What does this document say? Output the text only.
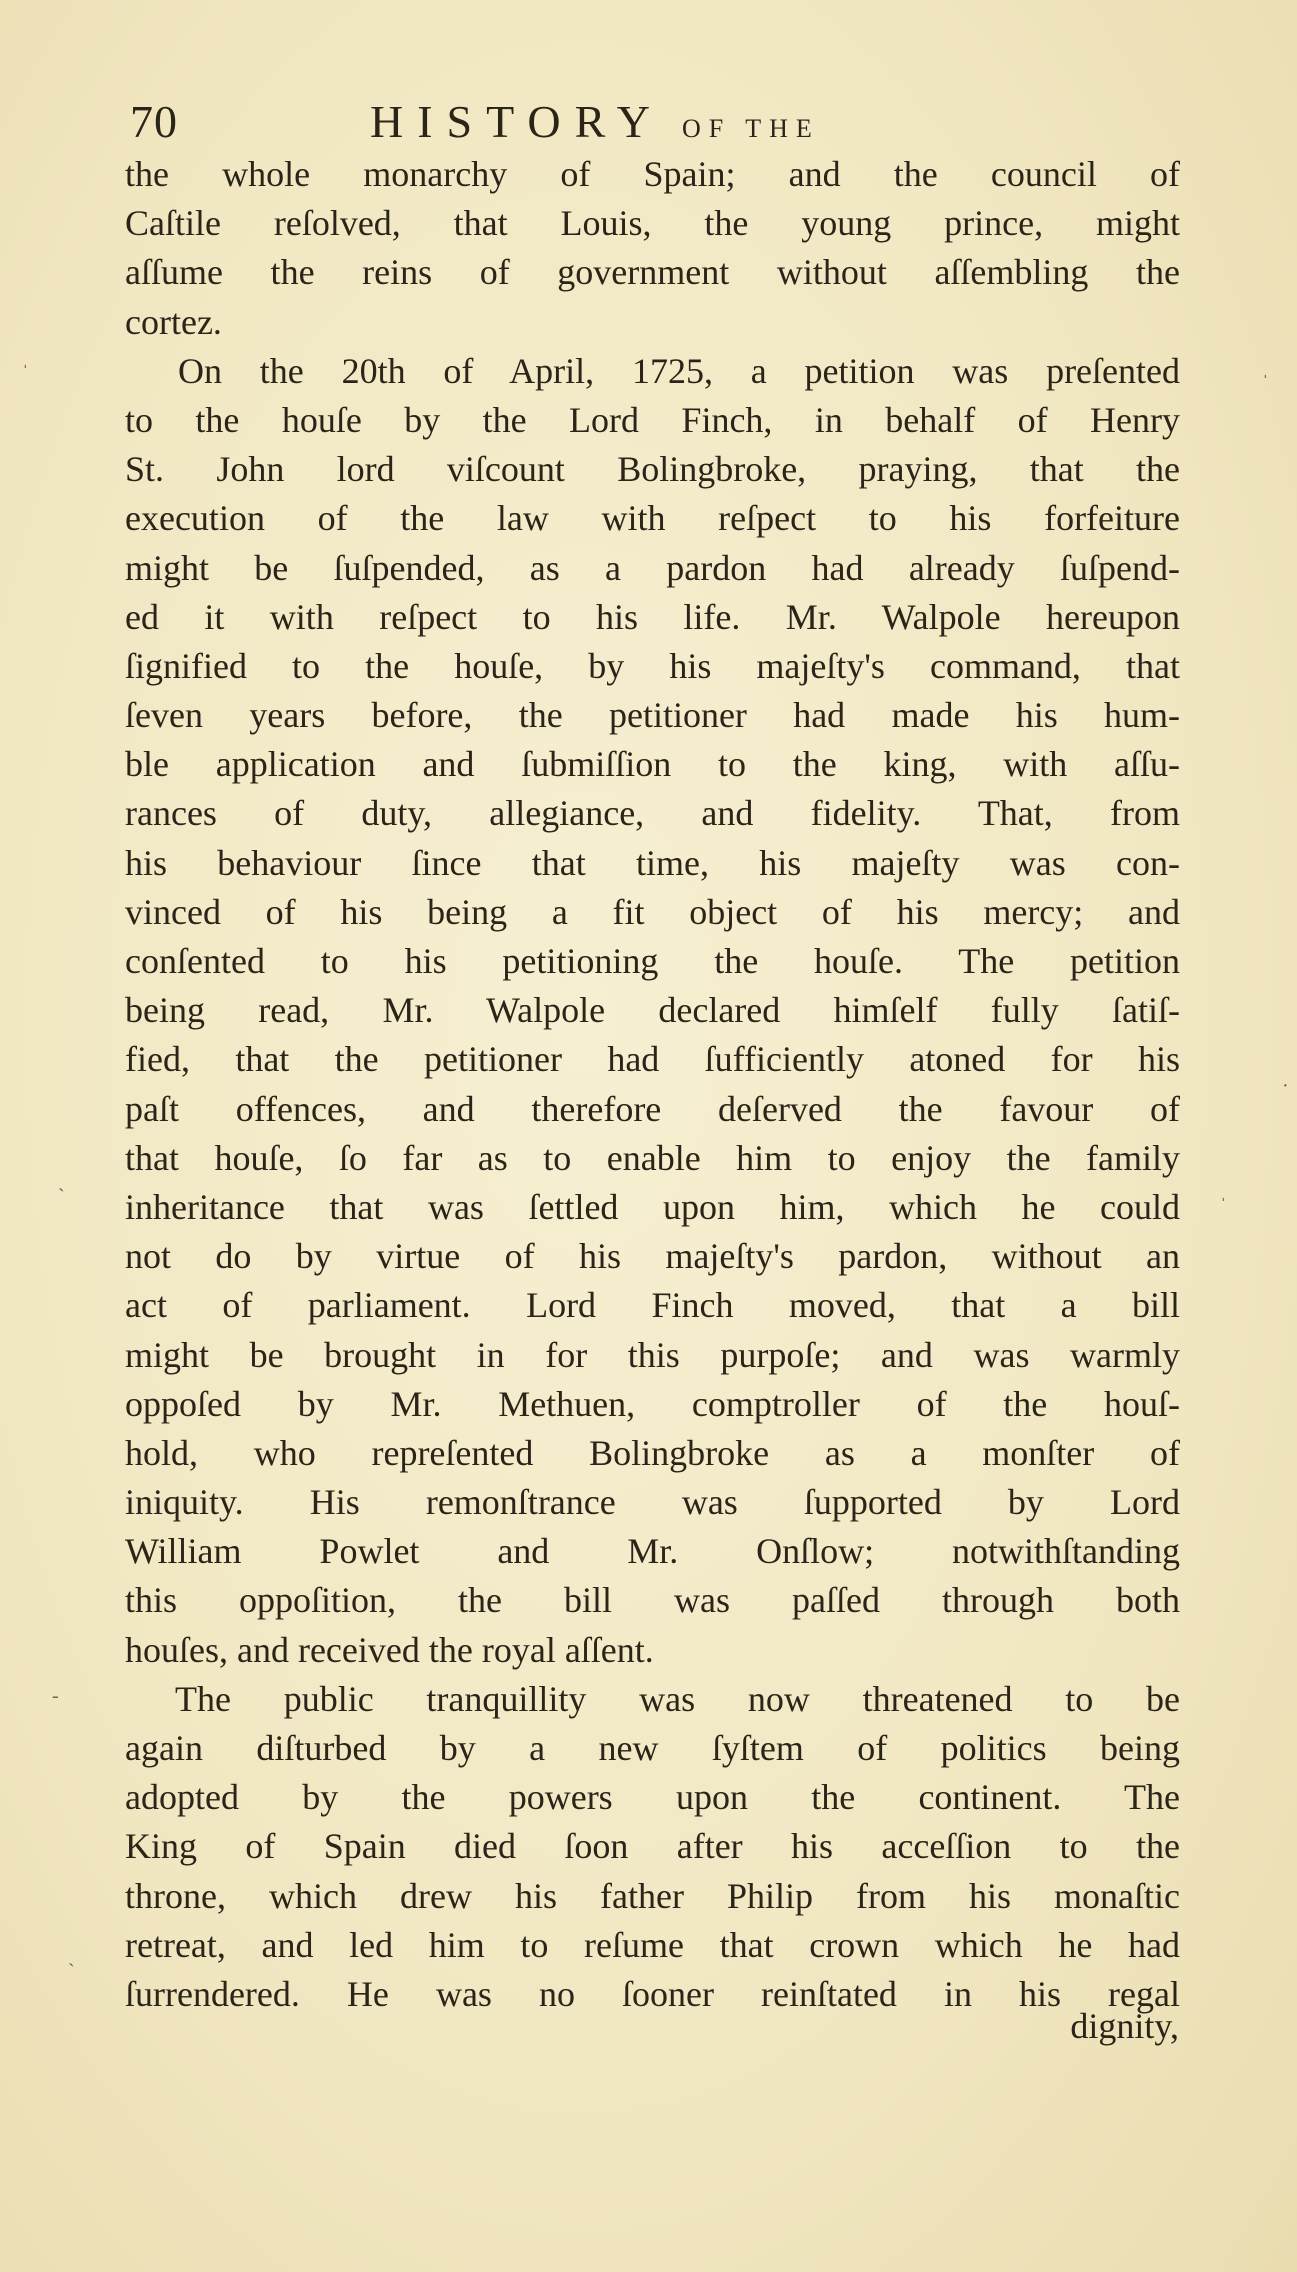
70	HISTORY OF THE
the whole monarchy of Spain; and the council of
Caſtile reſolved, that Louis, the young prince, might
aſſume the reins of government without aſſembling the
cortez.
On the 20th of April, 1725, a petition was preſented
to the houſe by the Lord Finch, in behalf of Henry
St. John lord viſcount Bolingbroke, praying, that the
execution of the law with reſpect to his forfeiture
might be ſuſpended, as a pardon had already ſuſpend-
ed it with reſpect to his life. Mr. Walpole hereupon
ſignified to the houſe, by his majeſty's command, that
ſeven years before, the petitioner had made his hum-
ble application and ſubmiſſion to the king, with aſſu-
rances of duty, allegiance, and fidelity. That, from
his behaviour ſince that time, his majeſty was con-
vinced of his being a fit object of his mercy; and
conſented to his petitioning the houſe. The petition
being read, Mr. Walpole declared himſelf fully ſatiſ-
fied, that the petitioner had ſufficiently atoned for his
paſt offences, and therefore deſerved the favour of
that houſe, ſo far as to enable him to enjoy the family
inheritance that was ſettled upon him, which he could
not do by virtue of his majeſty's pardon, without an
act of parliament. Lord Finch moved, that a bill
might be brought in for this purpoſe; and was warmly
oppoſed by Mr. Methuen, comptroller of the houſ-
hold, who repreſented Bolingbroke as a monſter of
iniquity. His remonſtrance was ſupported by Lord
William Powlet and Mr. Onſlow; notwithſtanding
this oppoſition, the bill was paſſed through both
houſes, and received the royal aſſent.
The public tranquillity was now threatened to be
again diſturbed by a new ſyſtem of politics being
adopted by the powers upon the continent. The
King of Spain died ſoon after his acceſſion to the
throne, which drew his father Philip from his monaſtic
retreat, and led him to reſume that crown which he had
ſurrendered. He was no ſooner reinſtated in his regal
dignity,
ˈ	ˈ
·
ˏ
ˈ
-
ˎ
